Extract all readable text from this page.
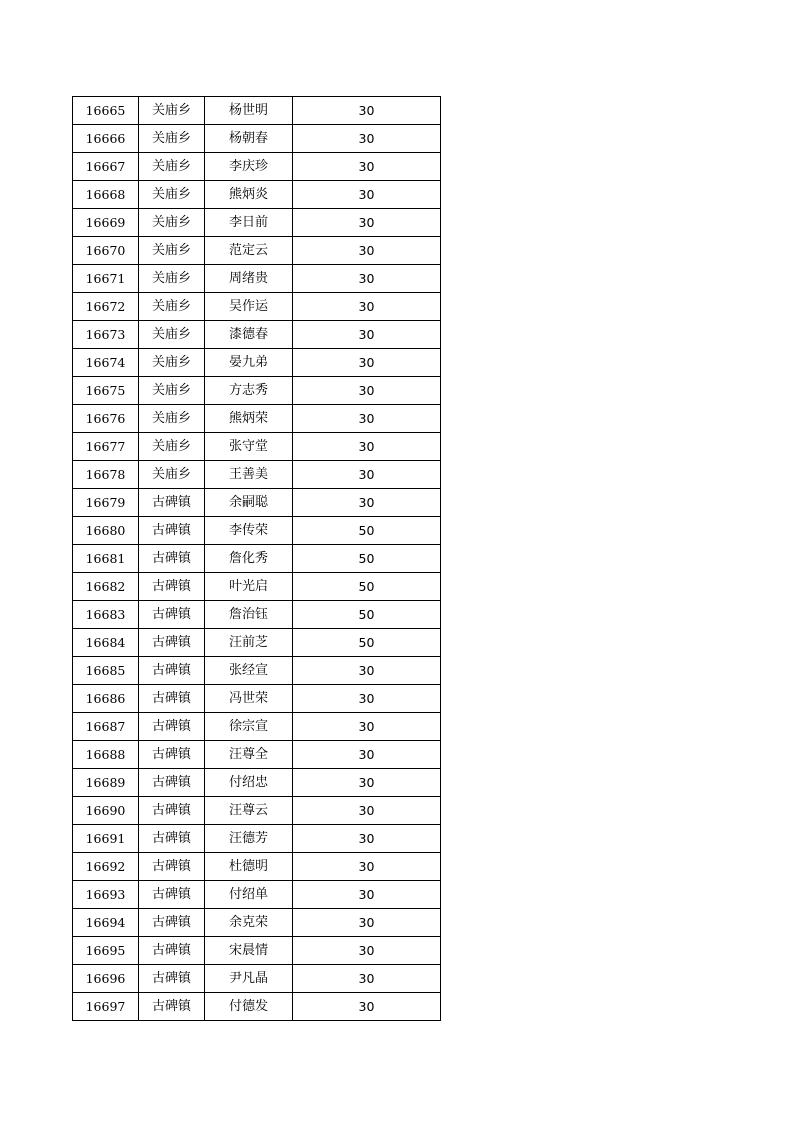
16665	关庙乡	杨世明	30
16666	关庙乡	杨朝春	30
16667	关庙乡	李庆珍	30
16668	关庙乡	熊炳炎	30
16669	关庙乡	李日前	30
16670	关庙乡	范定云	30
16671	关庙乡	周绪贵	30
16672	关庙乡	吴作运	30
16673	关庙乡	漆德春	30
16674	关庙乡	晏九弟	30
16675	关庙乡	方志秀	30
16676	关庙乡	熊炳荣	30
16677	关庙乡	张守堂	30
16678	关庙乡	王善美	30
16679	古碑镇	余嗣聪	30
16680	古碑镇	李传荣	50
16681	古碑镇	詹化秀	50
16682	古碑镇	叶光启	50
16683	古碑镇	詹治钰	50
16684	古碑镇	汪前芝	50
16685	古碑镇	张经宣	30
16686	古碑镇	冯世荣	30
16687	古碑镇	徐宗宣	30
16688	古碑镇	汪尊全	30
16689	古碑镇	付绍忠	30
16690	古碑镇	汪尊云	30
16691	古碑镇	汪德芳	30
16692	古碑镇	杜德明	30
16693	古碑镇	付绍单	30
16694	古碑镇	余克荣	30
16695	古碑镇	宋晨情	30
16696	古碑镇	尹凡晶	30
16697	古碑镇	付德发	30
